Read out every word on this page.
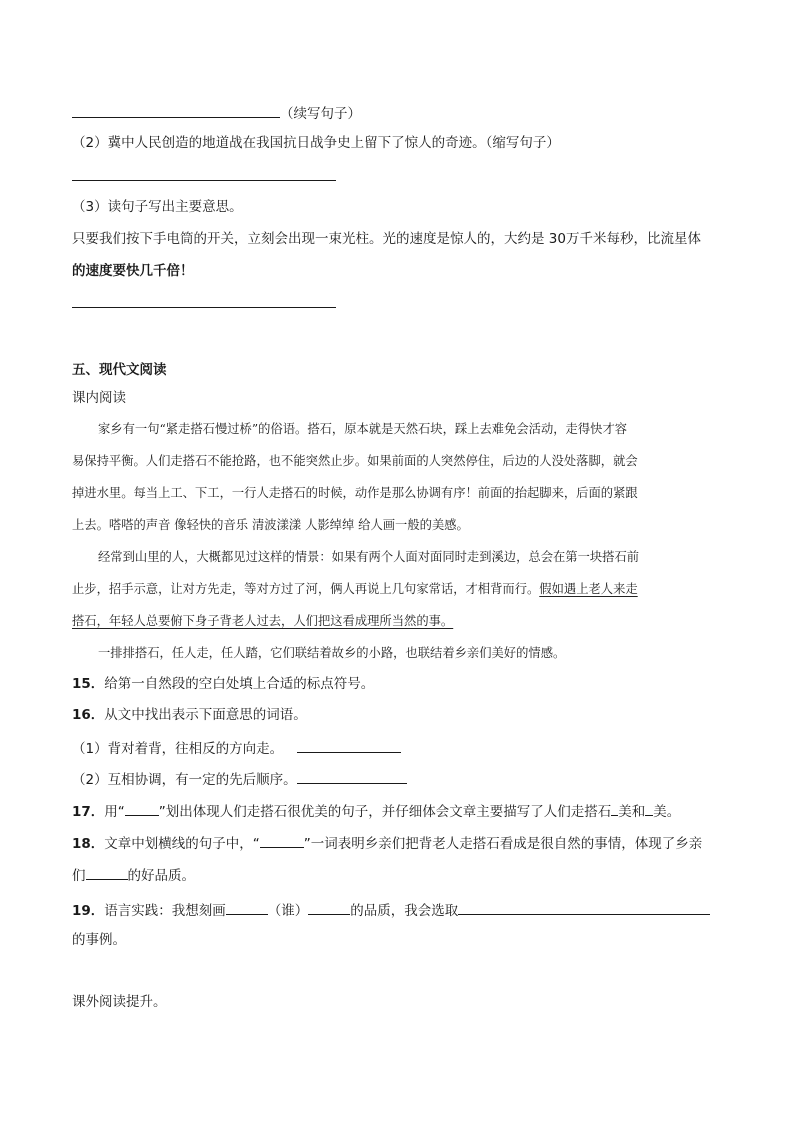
（续写句子）
（2）冀中人民创造的地道战在我国抗日战争史上留下了惊人的奇迹。（缩写句子）
（3）读句子写出主要意思。
只要我们按下手电筒的开关，立刻会出现一束光柱。光的速度是惊人的，大约是 30万千米每秒，比流星体
的速度要快几千倍！
五、现代文阅读
课内阅读
家乡有一句“紧走搭石慢过桥”的俗语。搭石，原本就是天然石块，踩上去难免会活动，走得快才容
易保持平衡。人们走搭石不能抢路，也不能突然止步。如果前面的人突然停住，后边的人没处落脚，就会
掉进水里。每当上工、下工，一行人走搭石的时候，动作是那么协调有序！前面的抬起脚来，后面的紧跟
上去。嗒嗒的声音 像轻快的音乐 清波漾漾 人影绰绰 给人画一般的美感。
经常到山里的人，大概都见过这样的情景：如果有两个人面对面同时走到溪边，总会在第一块搭石前
止步，招手示意，让对方先走，等对方过了河，俩人再说上几句家常话，才相背而行。假如遇上老人来走
搭石，年轻人总要俯下身子背老人过去，人们把这看成理所当然的事。
一排排搭石，任人走，任人踏，它们联结着故乡的小路，也联结着乡亲们美好的情感。
15．给第一自然段的空白处填上合适的标点符号。
16．从文中找出表示下面意思的词语。
（1）背对着背，往相反的方向走。
（2）互相协调，有一定的先后顺序。
17．用“	”划出体现人们走搭石很优美的句子，并仔细体会文章主要描写了人们走搭石 美和 美。
18．文章中划横线的句子中，“	”一词表明乡亲们把背老人走搭石看成是很自然的事情，体现了乡亲
们	的好品质。
19．语言实践：我想刻画	（谁）	的品质，我会选取
的事例。
课外阅读提升。
